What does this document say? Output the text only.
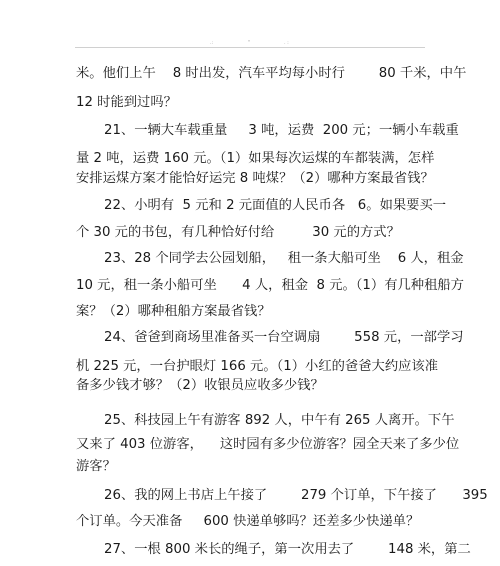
.:	"	. :
米。他们上午    8 时出发，汽车平均每小时行        80 千米，中午
12 时能到过吗？
21、一辆大车载重量     3 吨，运费  200 元；一辆小车载重
量 2 吨，运费 160 元。（1）如果每次运煤的车都装满，怎样
安排运煤方案才能恰好运完 8 吨煤？（2）哪种方案最省钱？
22、小明有  5 元和 2 元面值的人民币各   6。如果要买一
个 30 元的书包，有几种恰好付给         30 元的方式？
23、28 个同学去公园划船，   租一条大船可坐    6 人，租金
10 元，租一条小船可坐      4 人，租金  8 元。（1）有几种租船方
案？（2）哪种租船方案最省钱？
24、爸爸到商场里准备买一台空调扇        558 元，一部学习
机 225 元，一台护眼灯 166 元。（1）小红的爸爸大约应该准
备多少钱才够？（2）收银员应收多少钱？
25、科技园上午有游客 892 人，中午有 265 人离开。下午
又来了 403 位游客，    这时园有多少位游客？园全天来了多少位
游客？
26、我的网上书店上午接了        279 个订单，下午接了      395
个订单。今天准备     600 快递单够吗？还差多少快递单？
27、一根 800 米长的绳子，第一次用去了        148 米，第二
